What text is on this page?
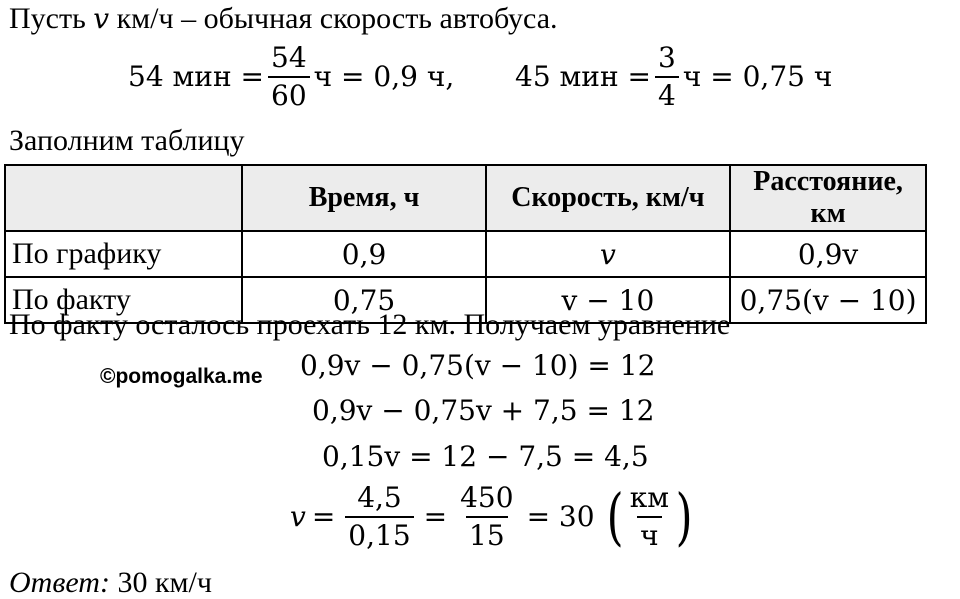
Пусть v км/ч – обычная скорость автобуса.
54 мин = $\frac{54}{60}$ ч = 0,9 ч, 45 мин = $\frac{3}{4}$ ч = 0,75 ч
Заполним таблицу
	Время, ч	Скорость, км/ч	Расстояние, км
По графику	0,9	v	0,9v
По факту	0,75	v − 10	0,75(v − 10)
По факту осталось проехать 12 км. Получаем уравнение
©pomogalka.me 0,9v − 0,75(v − 10) = 12
0,9v − 0,75v + 7,5 = 12
0,15v = 12 − 7,5 = 4,5
$v = \frac{4,5}{0,15} = \frac{450}{15} = 30$ ( $\frac{км}{ч}$ )
Ответ: 30 км/ч
